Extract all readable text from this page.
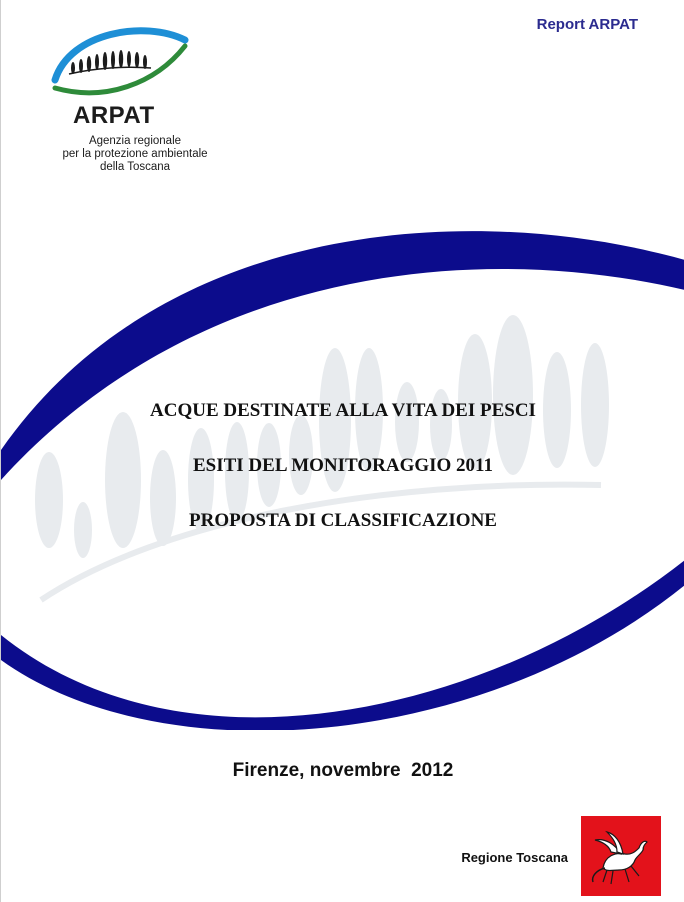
Report ARPAT
ARPAT
Agenzia regionale
per la protezione ambientale
della Toscana
ACQUE DESTINATE ALLA VITA DEI PESCI
ESITI DEL MONITORAGGIO 2011
PROPOSTA DI CLASSIFICAZIONE
Firenze, novembre  2012
Regione Toscana
